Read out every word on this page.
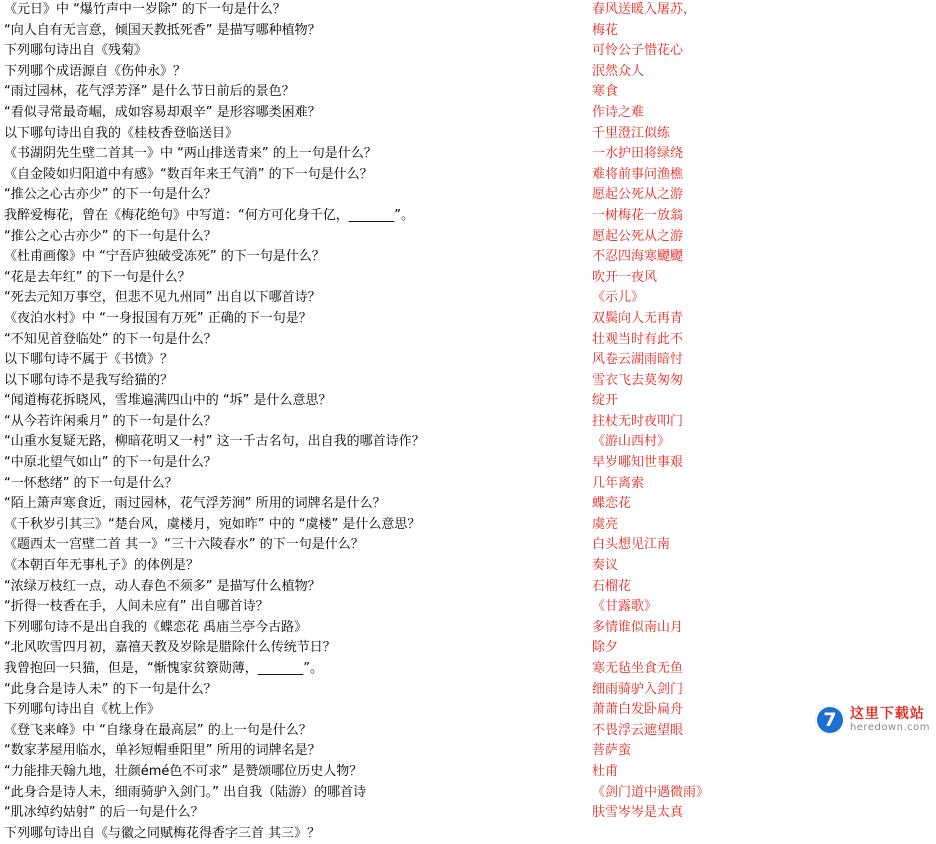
《元日》中 “爆竹声中一岁除” 的下一句是什么？	春风送暖入屠苏，
“向人自有无言意，倾国天教抵死香” 是描写哪种植物？	梅花
下列哪句诗出自《残菊》	可怜公子惜花心
下列哪个成语源自《伤仲永》？	泯然众人
“雨过园林，花气浮芳泽” 是什么节日前后的景色？	寒食
“看似寻常最奇崛，成如容易却艰辛” 是形容哪类困难？	作诗之难
以下哪句诗出自我的《桂枝香登临送目》	千里澄江似练
《书湖阴先生壁二首其一》中 “两山排送青来” 的上一句是什么？	一水护田将绿绕
《自金陵如归阳道中有感》“数百年来王气消” 的下一句是什么？	难将前事问渔樵
“推公之心古亦少” 的下一句是什么？	愿起公死从之游
我醉爱梅花，曾在《梅花绝句》中写道：“何方可化身千亿，_______”。	一树梅花一放翁
“推公之心古亦少” 的下一句是什么？	愿起公死从之游
《杜甫画像》中 “宁吾庐独破受冻死” 的下一句是什么？	不忍四海寒飃飃
“花是去年红” 的下一句是什么？	吹开一夜风
“死去元知万事空，但悲不见九州同” 出自以下哪首诗？	《示儿》
《夜泊水村》中 “一身报国有万死” 正确的下一句是？	双鬓向人无再青
“不知见首登临处” 的下一句是什么？	壮观当时有此不
以下哪句诗不属于《书愤》？	风卷云湖雨暗忖
以下哪句诗不是我写给猫的？	雪衣飞去莫匆匆
“闻道梅花拆晓风，雪堆遍满四山中的 “坼” 是什么意思？	绽开
“从今若许闲乘月” 的下一句是什么？	拄杖无时夜叩门
“山重水复疑无路，柳暗花明又一村” 这一千古名句，出自我的哪首诗作？	《游山西村》
“中原北望气如山” 的下一句是什么？	早岁哪知世事艰
“一怀愁绪” 的下一句是什么？	几年离索
“陌上箫声寒食近，雨过园林，花气浮芳涧” 所用的词牌名是什么？	蝶恋花
《千秋岁引其三》“楚台风，虞楼月，宛如昨” 中的 “虞楼” 是什么意思？	虞亮
《题西太一宫壁二首 其一》“三十六陵春水” 的下一句是什么？	白头想见江南
《本朝百年无事札子》的体例是？	奏议
“浓绿万枝红一点，动人春色不须多” 是描写什么植物？	石榴花
“折得一枝香在手，人间未应有” 出自哪首诗？	《甘露歌》
下列哪句诗不是出自我的《蝶恋花 禹庙兰亭今古路》	多情谁似南山月
“北风吹雪四月初，嘉禧天教及岁除是腊除什么传统节日？	除夕
我曾抱回一只猫，但是，“惭愧家贫簝勋薄，_______”。	寒无毡坐食无鱼
“此身合是诗人未” 的下一句是什么？	细雨骑驴入剑门
下列哪句诗出自《枕上作》	萧萧白发卧扁舟
《登飞来峰》中 “自缘身在最高层” 的上一句是什么？	不畏浮云遮望眼
“数家茅屋用临水，单衫短帽垂阳里” 所用的词牌名是？	菩萨蛮
“力能排天翰九地，壮颜émé色不可求” 是赞颂哪位历史人物？	杜甫
“此身合是诗人未，细雨骑驴入剑门。” 出自我（陆游）的哪首诗	《剑门道中遇微雨》
“肌冰绰约姑射” 的后一句是什么？	肤雪岑岑是太真
下列哪句诗出自《与徽之同赋梅花得香字三首 其三》？	
7
这里下载站
heredown.com
